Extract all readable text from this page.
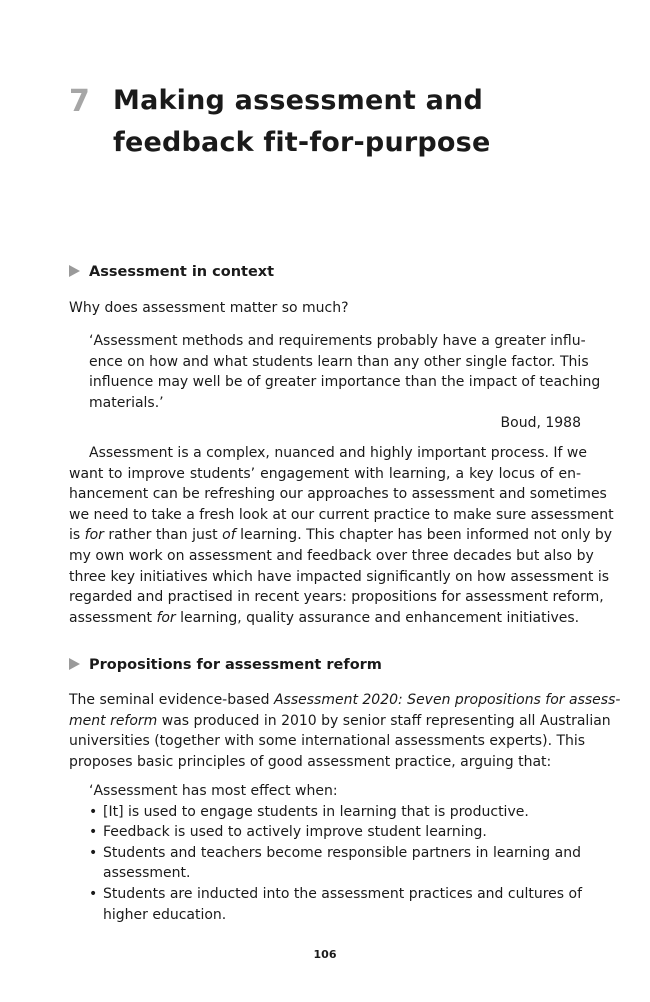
7 Making assessment and
feedback fit-for-purpose
Assessment in context
Why does assessment matter so much?
‘Assessment methods and requirements probably have a greater influ-
ence on how and what students learn than any other single factor. This
influence may well be of greater importance than the impact of teaching
materials.’
Boud, 1988
Assessment is a complex, nuanced and highly important process. If we
want to improve students’ engagement with learning, a key locus of en-
hancement can be refreshing our approaches to assessment and sometimes
we need to take a fresh look at our current practice to make sure assessment
is for rather than just of learning. This chapter has been informed not only by
my own work on assessment and feedback over three decades but also by
three key initiatives which have impacted significantly on how assessment is
regarded and practised in recent years: propositions for assessment reform,
assessment for learning, quality assurance and enhancement initiatives.
Propositions for assessment reform
The seminal evidence-based Assessment 2020: Seven propositions for assess-
ment reform was produced in 2010 by senior staff representing all Australian
universities (together with some international assessments experts). This
proposes basic principles of good assessment practice, arguing that:
‘Assessment has most effect when:
• [It] is used to engage students in learning that is productive.
• Feedback is used to actively improve student learning.
• Students and teachers become responsible partners in learning and
assessment.
• Students are inducted into the assessment practices and cultures of
higher education.
106
